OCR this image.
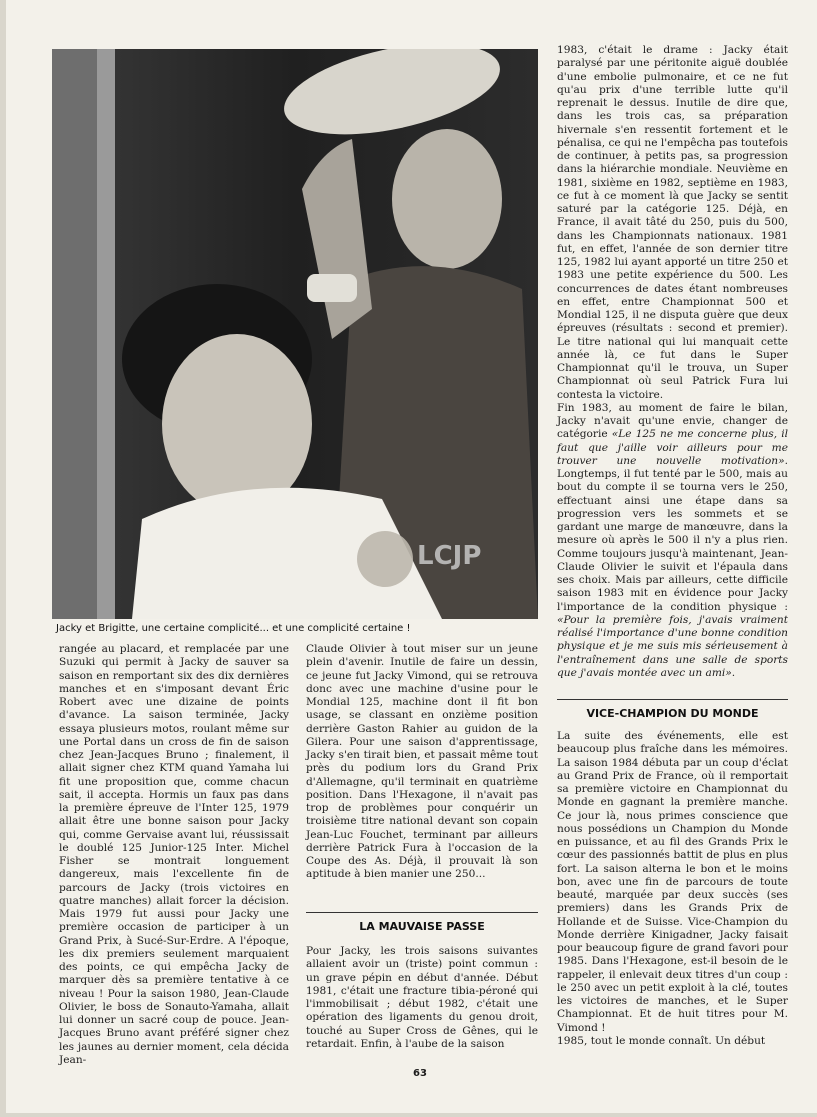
LCJP
Jacky et Brigitte, une certaine complicité... et une complicité certaine !

rangée au placard, et remplacée par une Suzuki qui permit à Jacky de sauver sa saison en remportant six des dix dernières manches et en s'imposant devant Éric Robert avec une dizaine de points d'avance. La saison terminée, Jacky essaya plusieurs motos, roulant même sur une Portal dans un cross de fin de saison chez Jean-Jacques Bruno ; finalement, il allait signer chez KTM quand Yamaha lui fit une proposition que, comme chacun sait, il accepta. Hormis un faux pas dans la première épreuve de l'Inter 125, 1979 allait être une bonne saison pour Jacky qui, comme Gervaise avant lui, réussissait le doublé 125 Junior-125 Inter. Michel Fisher se montrait longuement dangereux, mais l'excellente fin de parcours de Jacky (trois victoires en quatre manches) allait forcer la décision. Mais 1979 fut aussi pour Jacky une première occasion de participer à un Grand Prix, à Sucé-Sur-Erdre. A l'époque, les dix premiers seulement marquaient des points, ce qui empêcha Jacky de marquer dès sa première tentative à ce niveau ! Pour la saison 1980, Jean-Claude Olivier, le boss de Sonauto-Yamaha, allait lui donner un sacré coup de pouce. Jean-Jacques Bruno avant préféré signer chez les jaunes au dernier moment, cela décida Jean-

Claude Olivier à tout miser sur un jeune plein d'avenir. Inutile de faire un dessin, ce jeune fut Jacky Vimond, qui se retrouva donc avec une machine d'usine pour le Mondial 125, machine dont il fit bon usage, se classant en onzième position derrière Gaston Rahier au guidon de la Gilera. Pour une saison d'apprentissage, Jacky s'en tirait bien, et passait même tout près du podium lors du Grand Prix d'Allemagne, qu'il terminait en quatrième position. Dans l'Hexagone, il n'avait pas trop de problèmes pour conquérir un troisième titre national devant son copain Jean-Luc Fouchet, terminant par ailleurs derrière Patrick Fura à l'occasion de la Coupe des As. Déjà, il prouvait là son aptitude à bien manier une 250...

LA MAUVAISE PASSE

Pour Jacky, les trois saisons suivantes allaient avoir un (triste) point commun : un grave pépin en début d'année. Début 1981, c'était une fracture tibia-péroné qui l'immobilisait ; début 1982, c'était une opération des ligaments du genou droit, touché au Super Cross de Gênes, qui le retardait. Enfin, à l'aube de la saison

1983, c'était le drame : Jacky était paralysé par une péritonite aiguë doublée d'une embolie pulmonaire, et ce ne fut qu'au prix d'une terrible lutte qu'il reprenait le dessus. Inutile de dire que, dans les trois cas, sa préparation hivernale s'en ressentit fortement et le pénalisa, ce qui ne l'empêcha pas toutefois de continuer, à petits pas, sa progression dans la hiérarchie mondiale. Neuvième en 1981, sixième en 1982, septième en 1983, ce fut à ce moment là que Jacky se sentit saturé par la catégorie 125. Déjà, en France, il avait tâté du 250, puis du 500, dans les Championnats nationaux. 1981 fut, en effet, l'année de son dernier titre 125, 1982 lui ayant apporté un titre 250 et 1983 une petite expérience du 500. Les concurrences de dates étant nombreuses en effet, entre Championnat 500 et Mondial 125, il ne disputa guère que deux épreuves (résultats : second et premier). Le titre national qui lui manquait cette année là, ce fut dans le Super Championnat qu'il le trouva, un Super Championnat où seul Patrick Fura lui contesta la victoire.

Fin 1983, au moment de faire le bilan, Jacky n'avait qu'une envie, changer de catégorie «Le 125 ne me concerne plus, il faut que j'aille voir ailleurs pour me trouver une nouvelle motivation». Longtemps, il fut tenté par le 500, mais au bout du compte il se tourna vers le 250, effectuant ainsi une étape dans sa progression vers les sommets et se gardant une marge de manœuvre, dans la mesure où après le 500 il n'y a plus rien. Comme toujours jusqu'à maintenant, Jean-Claude Olivier le suivit et l'épaula dans ses choix. Mais par ailleurs, cette difficile saison 1983 mit en évidence pour Jacky l'importance de la condition physique : «Pour la première fois, j'avais vraiment réalisé l'importance d'une bonne condition physique et je me suis mis sérieusement à l'entraînement dans une salle de sports que j'avais montée avec un ami».

VICE-CHAMPION DU MONDE

La suite des événements, elle est beaucoup plus fraîche dans les mémoires. La saison 1984 débuta par un coup d'éclat au Grand Prix de France, où il remportait sa première victoire en Championnat du Monde en gagnant la première manche. Ce jour là, nous primes conscience que nous possédions un Champion du Monde en puissance, et au fil des Grands Prix le cœur des passionnés battit de plus en plus fort. La saison alterna le bon et le moins bon, avec une fin de parcours de toute beauté, marquée par deux succès (ses premiers) dans les Grands Prix de Hollande et de Suisse. Vice-Champion du Monde derrière Kinigadner, Jacky faisait pour beaucoup figure de grand favori pour 1985. Dans l'Hexagone, est-il besoin de le rappeler, il enlevait deux titres d'un coup : le 250 avec un petit exploit à la clé, toutes les victoires de manches, et le Super Championnat. Et de huit titres pour M. Vimond !

1985, tout le monde connaît. Un début

63
